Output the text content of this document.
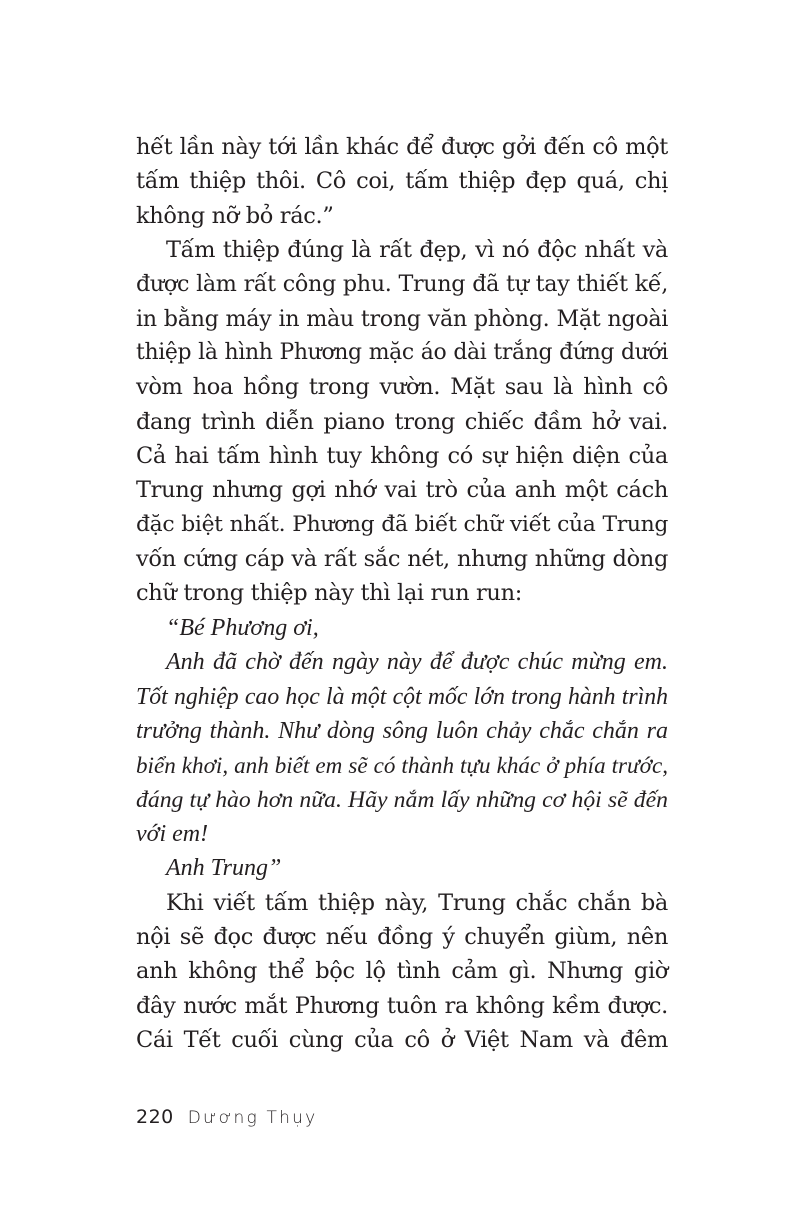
hết lần này tới lần khác để được gởi đến cô một
tấm thiệp thôi. Cô coi, tấm thiệp đẹp quá, chị
không nỡ bỏ rác.”
Tấm thiệp đúng là rất đẹp, vì nó độc nhất và
được làm rất công phu. Trung đã tự tay thiết kế,
in bằng máy in màu trong văn phòng. Mặt ngoài
thiệp là hình Phương mặc áo dài trắng đứng dưới
vòm hoa hồng trong vườn. Mặt sau là hình cô
đang trình diễn piano trong chiếc đầm hở vai.
Cả hai tấm hình tuy không có sự hiện diện của
Trung nhưng gợi nhớ vai trò của anh một cách
đặc biệt nhất. Phương đã biết chữ viết của Trung
vốn cứng cáp và rất sắc nét, nhưng những dòng
chữ trong thiệp này thì lại run run:
“Bé Phương ơi,
Anh đã chờ đến ngày này để được chúc mừng em.
Tốt nghiệp cao học là một cột mốc lớn trong hành trình
trưởng thành. Như dòng sông luôn chảy chắc chắn ra
biển khơi, anh biết em sẽ có thành tựu khác ở phía trước,
đáng tự hào hơn nữa. Hãy nắm lấy những cơ hội sẽ đến
với em!
Anh Trung”
Khi viết tấm thiệp này, Trung chắc chắn bà
nội sẽ đọc được nếu đồng ý chuyển giùm, nên
anh không thể bộc lộ tình cảm gì. Nhưng giờ
đây nước mắt Phương tuôn ra không kềm được.
Cái Tết cuối cùng của cô ở Việt Nam và đêm
220 Dương Thụy
